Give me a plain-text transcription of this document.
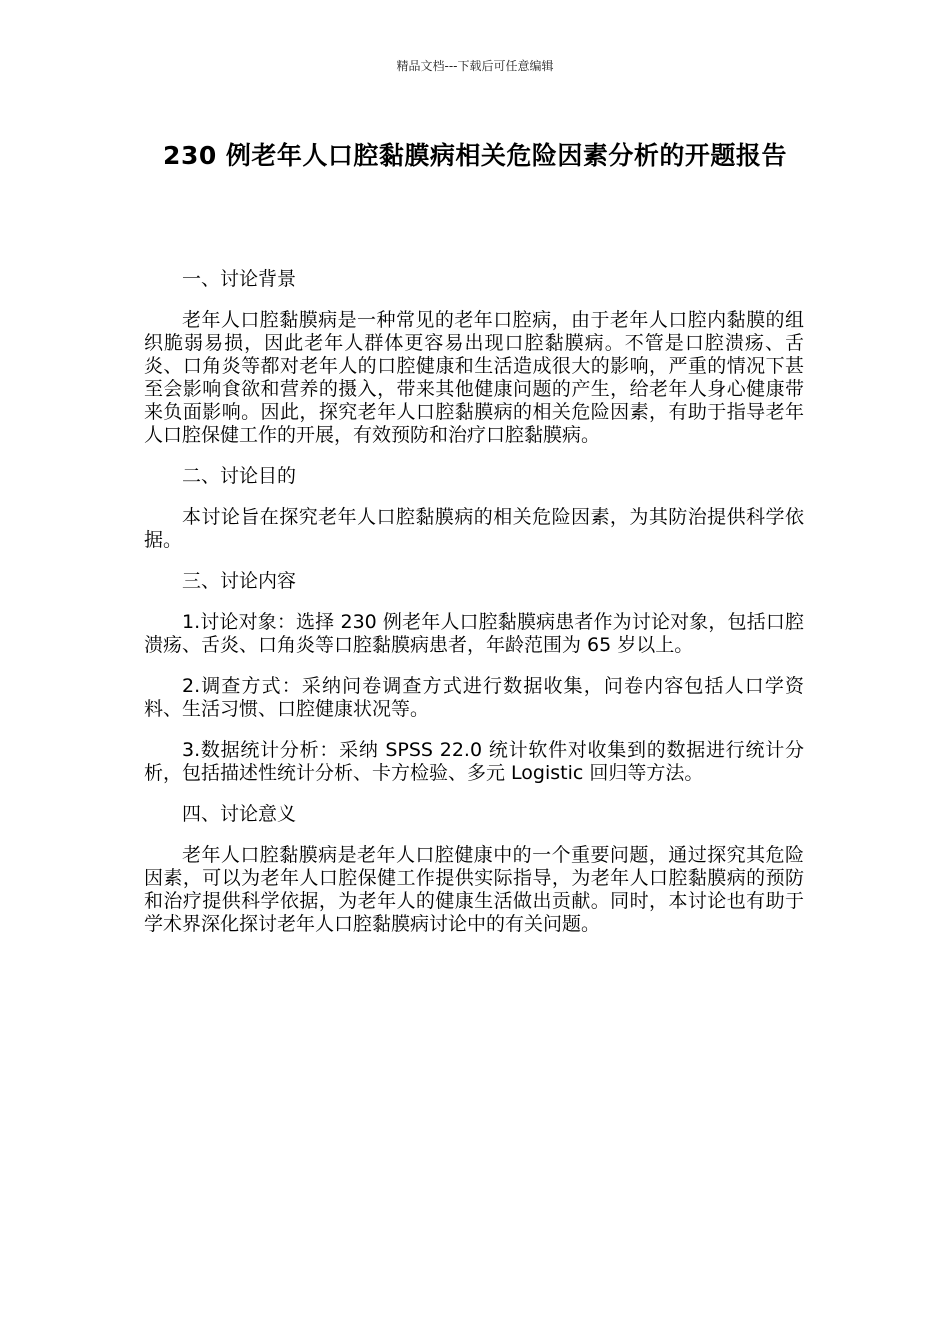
精品文档---下载后可任意编辑
230 例老年人口腔黏膜病相关危险因素分析的开题报告

一、讨论背景

老年人口腔黏膜病是一种常见的老年口腔病，由于老年人口腔内黏膜的组织脆弱易损，因此老年人群体更容易出现口腔黏膜病。不管是口腔溃疡、舌炎、口角炎等都对老年人的口腔健康和生活造成很大的影响，严重的情况下甚至会影响食欲和营养的摄入，带来其他健康问题的产生，给老年人身心健康带来负面影响。因此，探究老年人口腔黏膜病的相关危险因素，有助于指导老年人口腔保健工作的开展，有效预防和治疗口腔黏膜病。

二、讨论目的

本讨论旨在探究老年人口腔黏膜病的相关危险因素，为其防治提供科学依据。

三、讨论内容

1.讨论对象：选择 230 例老年人口腔黏膜病患者作为讨论对象，包括口腔溃疡、舌炎、口角炎等口腔黏膜病患者，年龄范围为 65 岁以上。

2.调查方式：采纳问卷调查方式进行数据收集，问卷内容包括人口学资料、生活习惯、口腔健康状况等。

3.数据统计分析：采纳 SPSS 22.0 统计软件对收集到的数据进行统计分析，包括描述性统计分析、卡方检验、多元 Logistic 回归等方法。

四、讨论意义

老年人口腔黏膜病是老年人口腔健康中的一个重要问题，通过探究其危险因素，可以为老年人口腔保健工作提供实际指导，为老年人口腔黏膜病的预防和治疗提供科学依据，为老年人的健康生活做出贡献。同时，本讨论也有助于学术界深化探讨老年人口腔黏膜病讨论中的有关问题。
